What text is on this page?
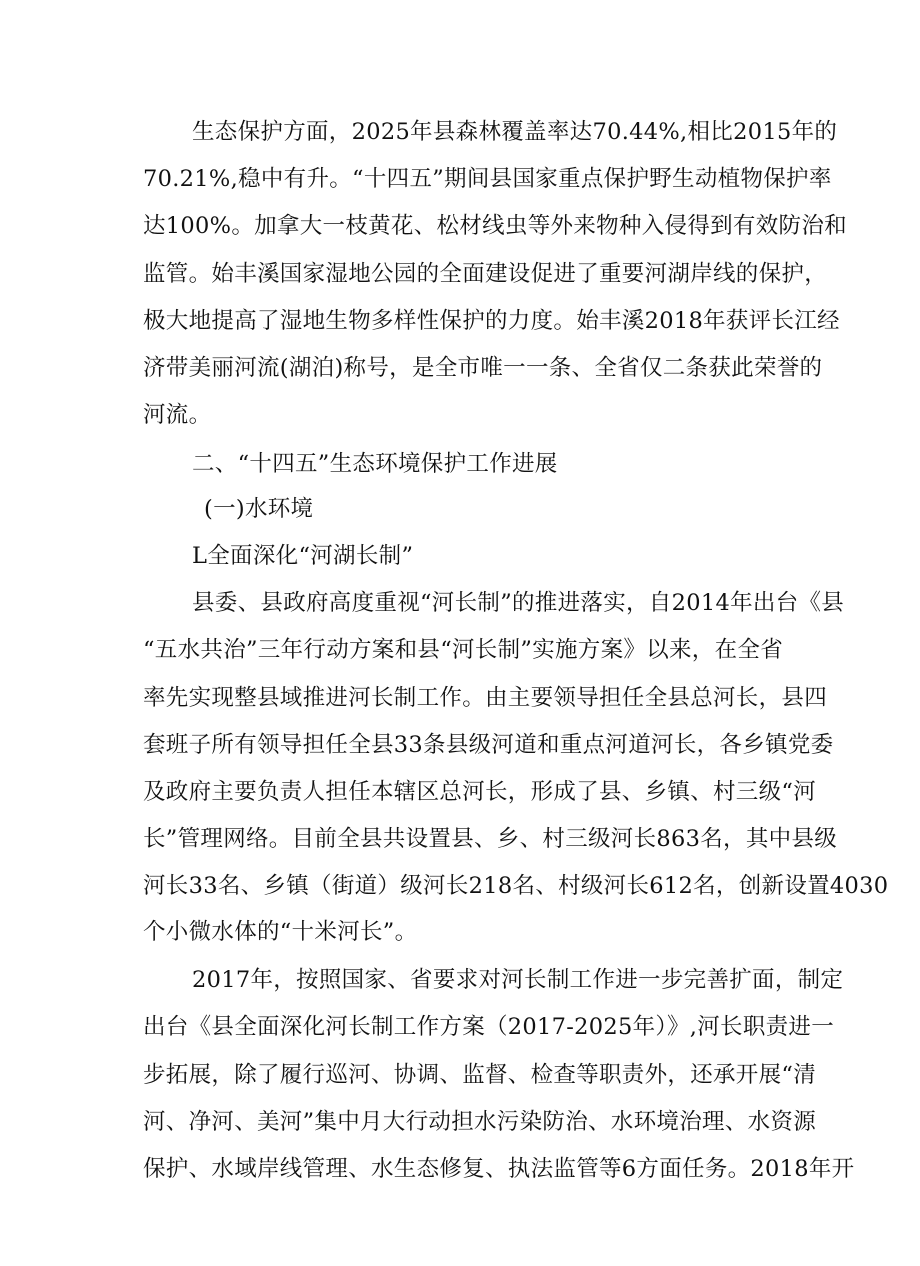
生态保护方面，2025年县森林覆盖率达70.44%,相比2015年的
70.21%,稳中有升。“十四五”期间县国家重点保护野生动植物保护率
达100%。加拿大一枝黄花、松材线虫等外来物种入侵得到有效防治和
监管。始丰溪国家湿地公园的全面建设促进了重要河湖岸线的保护，
极大地提高了湿地生物多样性保护的力度。始丰溪2018年获评长江经
济带美丽河流(湖泊)称号，是全市唯一一条、全省仅二条获此荣誉的
河流。
二、“十四五”生态环境保护工作进展
(一)水环境
L全面深化“河湖长制”
县委、县政府高度重视“河长制”的推进落实，自2014年出台《县
“五水共治”三年行动方案和县“河长制”实施方案》以来，在全省
率先实现整县域推进河长制工作。由主要领导担任全县总河长，县四
套班子所有领导担任全县33条县级河道和重点河道河长，各乡镇党委
及政府主要负责人担任本辖区总河长，形成了县、乡镇、村三级“河
长”管理网络。目前全县共设置县、乡、村三级河长863名，其中县级
河长33名、乡镇（街道）级河长218名、村级河长612名，创新设置4030
个小微水体的“十米河长”。
2017年，按照国家、省要求对河长制工作进一步完善扩面，制定
出台《县全面深化河长制工作方案（2017-2025年）》,河长职责进一
步拓展，除了履行巡河、协调、监督、检查等职责外，还承开展“清
河、净河、美河”集中月大行动担水污染防治、水环境治理、水资源
保护、水域岸线管理、水生态修复、执法监管等6方面任务。2018年开
